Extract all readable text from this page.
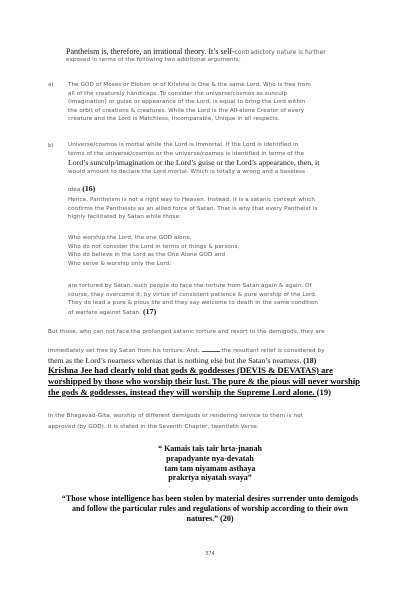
Pantheism is, therefore, an irrational theory. It’s self-contradictory nature is further

exposed in terms of the following two additional arguments:

a)	The GOD of Moses or Elohim or of Krishna is One & the same Lord, Who is free from
all of the creaturely handicaps. To consider the universe/cosmos as sunculp
(imagination) or guise or appearance of the Lord, is equal to bring the Lord within
the orbit of creations & creatures. While the Lord is the All-alone Creator of every
creature and the Lord is Matchless, Incomparable, Unique in all respects.
b)	Universe/cosmos is mortal while the Lord is immortal. If the Lord is identified in
terms of the universe/cosmos or the universe/cosmos is identified in terms of the
Lord’s sunculp/imagination or the Lord’s guise or the Lord’s appearance, then, it
would amount to declare the Lord mortal. Which is totally a wrong and a baseless
idea.(16)
Hence, Pantheism is not a right way to Heaven. Instead, it is a satanic concept which
confirms the Pantheists as an allied force of Satan. That is why that every Pantheist is
highly facilitated by Satan while those:
Who worship the Lord, the one GOD alone,
Who do not consider the Lord in terms of things & persons,
Who do believe in the Lord as the One Alone GOD and
Who serve & worship only the Lord:
are tortured by Satan, such people do face the torture from Satan again & again. Of
course, they overcome it, by virtue of consistent patience & pure worship of the Lord.
They do lead a pure & pious life and they say welcome to death in the same condition
of warfare against Satan. (17)
But those, who can not face the prolonged satanic torture and resort to the demigods, they are
immediately set free by Satan from his torture. And,	the resultant relief is considered by
them as the Lord’s nearness whereas that is nothing else but the Satan’s nearness. (18)
Krishna Jee had clearly told that gods & goddesses (DEVIS & DEVATAS) are
worshipped by those who worship their lust. The pure & the pious will never worship
the gods & goddesses, instead they will worship the Supreme Lord alone. (19)
In the Bhagavad-Gita, worship of different demigods or rendering service to them is not
approved (by GOD). It is stated in the Seventh Chapter, twentieth Verse:
“ Kamais tais tair hrta-jnanah
prapadyante nya-devatah
tam tam niyamam asthaya
prakrtya niyatah svaya”
“Those whose intelligence has been stolen by material desires surrender unto demigods
and follow the particular rules and regulations of worship according to their own
natures.” (20)
374
